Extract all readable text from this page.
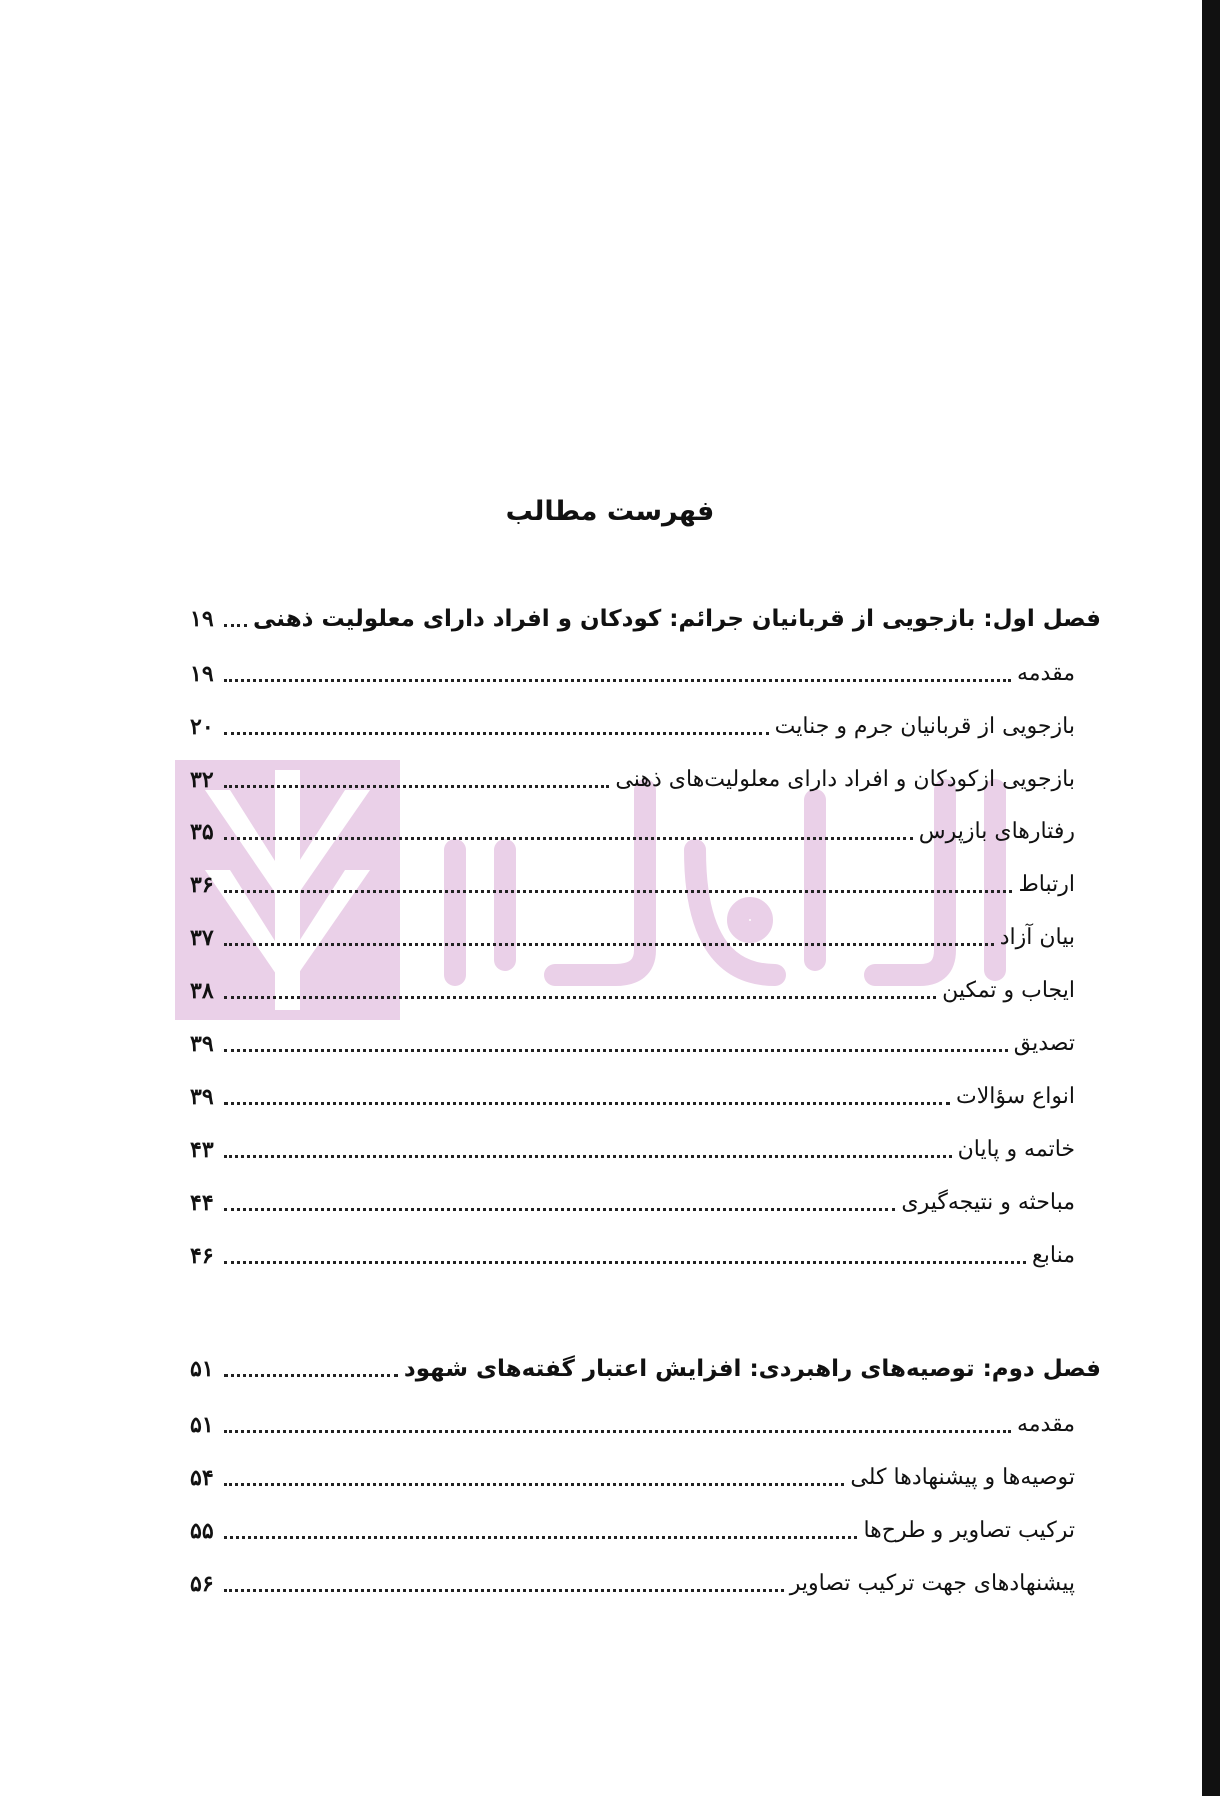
فهرست مطالب
فصل اول: بازجویی از قربانیان جرائم: کودکان و افراد دارای معلولیت ذهنی
۱۹
مقدمه
۱۹
بازجویی از قربانیان جرم و جنایت
۲۰
بازجویی ازکودکان و افراد دارای معلولیت‌های ذهنی
۳۲
رفتارهای بازپرس
۳۵
ارتباط
۳۶
بیان آزاد
۳۷
ایجاب و تمکین
۳۸
تصدیق
۳۹
انواع سؤالات
۳۹
خاتمه و پایان
۴۳
مباحثه و نتیجه‌گیری
۴۴
منابع
۴۶
فصل دوم: توصیه‌های راهبردی: افزایش اعتبار گفته‌های شهود
۵۱
مقدمه
۵۱
توصیه‌ها و پیشنهادها کلی
۵۴
ترکیب تصاویر و طرح‌ها
۵۵
پیشنهادهای جهت ترکیب تصاویر
۵۶
